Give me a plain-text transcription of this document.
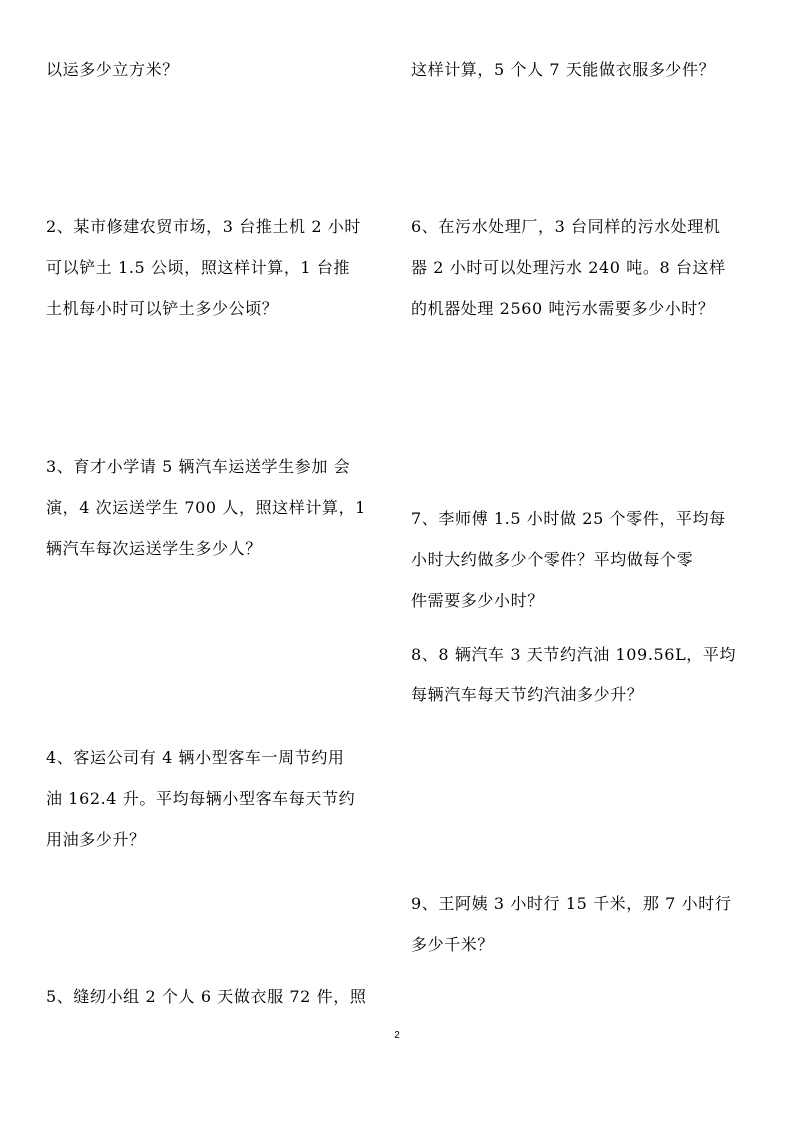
以运多少立方米？
2、某市修建农贸市场，3 台推土机 2 小时
可以铲土 1.5 公顷，照这样计算，1 台推
土机每小时可以铲土多少公顷？
3、育才小学请 5 辆汽车运送学生参加 会
演，4 次运送学生 700 人，照这样计算，1
辆汽车每次运送学生多少人？
4、客运公司有 4 辆小型客车一周节约用
油 162.4 升。平均每辆小型客车每天节约
用油多少升？
5、缝纫小组 2 个人 6 天做衣服 72 件，照
这样计算，5 个人 7 天能做衣服多少件？
6、在污水处理厂，3 台同样的污水处理机
器 2 小时可以处理污水 240 吨。8 台这样
的机器处理 2560 吨污水需要多少小时？
7、李师傅 1.5 小时做 25 个零件，平均每
小时大约做多少个零件？平均做每个零
件需要多少小时？
8、8 辆汽车 3 天节约汽油 109.56L，平均
每辆汽车每天节约汽油多少升？
9、王阿姨 3 小时行 15 千米，那 7 小时行
多少千米？
2
